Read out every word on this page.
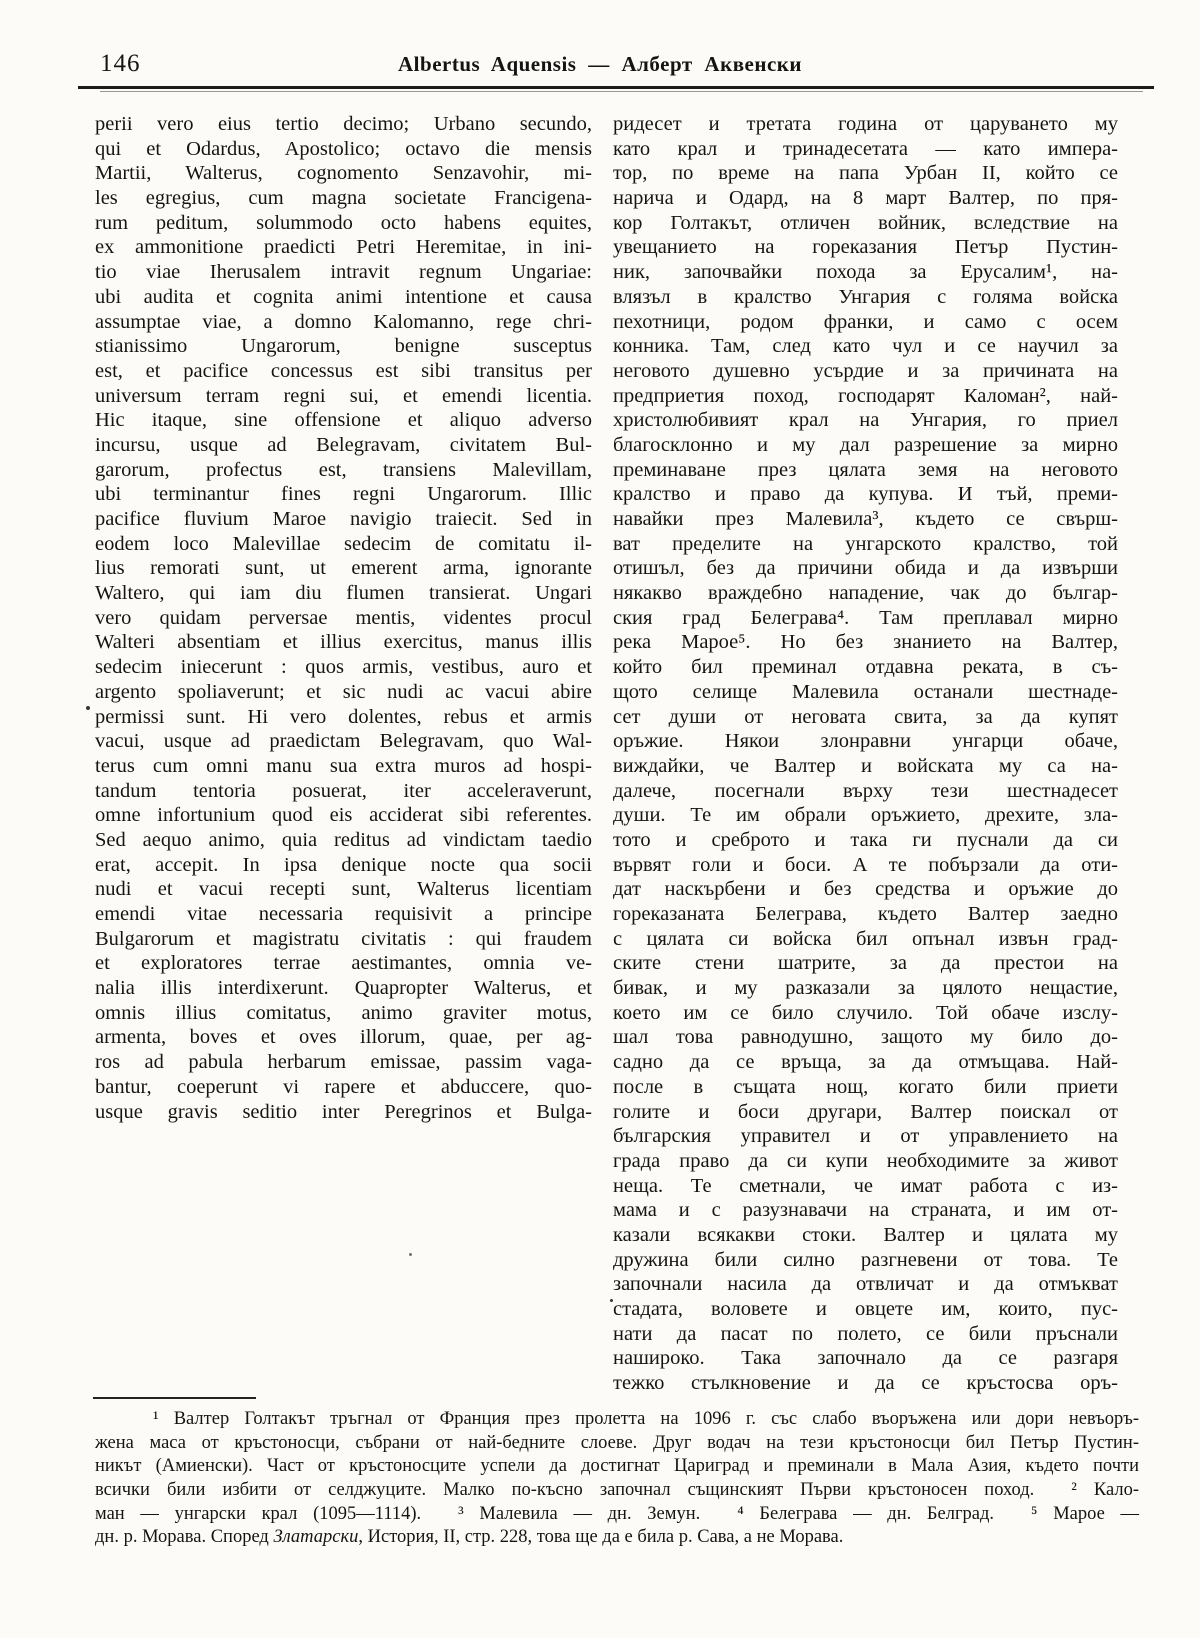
146	Albertus Aquensis — Алберт Аквенски
perii vero eius tertio decimo; Urbano secundo,
qui et Odardus, Apostolico; octavo die mensis
Martii, Walterus, cognomento Senzavohir, mi-
les egregius, cum magna societate Francigena-
rum peditum, solummodo octo habens equites,
ex ammonitione praedicti Petri Heremitae, in ini-
tio viae Iherusalem intravit regnum Ungariae:
ubi audita et cognita animi intentione et causa
assumptae viae, a domno Kalomanno, rege chri-
stianissimo Ungarorum, benigne susceptus
est, et pacifice concessus est sibi transitus per
universum terram regni sui, et emendi licentia.
Hic itaque, sine offensione et aliquo adverso
incursu, usque ad Belegravam, civitatem Bul-
garorum, profectus est, transiens Malevillam,
ubi terminantur fines regni Ungarorum. Illic
pacifice fluvium Maroe navigio traiecit. Sed in
eodem loco Malevillae sedecim de comitatu il-
lius remorati sunt, ut emerent arma, ignorante
Waltero, qui iam diu flumen transierat. Ungari
vero quidam perversae mentis, videntes procul
Walteri absentiam et illius exercitus, manus illis
sedecim iniecerunt : quos armis, vestibus, auro et
argento spoliaverunt; et sic nudi ac vacui abire
permissi sunt. Hi vero dolentes, rebus et armis
vacui, usque ad praedictam Belegravam, quo Wal-
terus cum omni manu sua extra muros ad hospi-
tandum tentoria posuerat, iter acceleraverunt,
omne infortunium quod eis acciderat sibi referentes.
Sed aequo animo, quia reditus ad vindictam taedio
erat, accepit. In ipsa denique nocte qua socii
nudi et vacui recepti sunt, Walterus licentiam
emendi vitae necessaria requisivit a principe
Bulgarorum et magistratu civitatis : qui fraudem
et exploratores terrae aestimantes, omnia ve-
nalia illis interdixerunt. Quapropter Walterus, et
omnis illius comitatus, animo graviter motus,
armenta, boves et oves illorum, quae, per ag-
ros ad pabula herbarum emissae, passim vaga-
bantur, coeperunt vi rapere et abduccere, quo-
usque gravis seditio inter Peregrinos et Bulga-
ридесет и третата година от царуването му
като крал и тринадесетата — като импера-
тор, по време на папа Урбан II, който се
нарича и Одард, на 8 март Валтер, по пря-
кор Голтакът, отличен войник, вследствие на
увещанието на гореказания Петър Пустин-
ник, започвайки похода за Ерусалим¹, на-
влязъл в кралство Унгария с голяма войска
пехотници, родом франки, и само с осем
конника. Там, след като чул и се научил за
неговото душевно усърдие и за причината на
предприетия поход, господарят Каломан², най-
христолюбивият крал на Унгария, го приел
благосклонно и му дал разрешение за мирно
преминаване през цялата земя на неговото
кралство и право да купува. И тъй, преми-
навайки през Малевила³, където се свърш-
ват пределите на унгарското кралство, той
отишъл, без да причини обида и да извърши
някакво враждебно нападение, чак до българ-
ския град Белеграва⁴. Там преплавал мирно
река Марое⁵. Но без знанието на Валтер,
който бил преминал отдавна реката, в съ-
щото селище Малевила останали шестнаде-
сет души от неговата свита, за да купят
оръжие. Някои злонравни унгарци обаче,
виждайки, че Валтер и войската му са на-
далече, посегнали върху тези шестнадесет
души. Те им обрали оръжието, дрехите, зла-
тото и среброто и така ги пуснали да си
вървят голи и боси. А те побързали да оти-
дат наскърбени и без средства и оръжие до
гореказаната Белеграва, където Валтер заедно
с цялата си войска бил опънал извън град-
ските стени шатрите, за да престои на
бивак, и му разказали за цялото нещастие,
което им се било случило. Той обаче изслу-
шал това равнодушно, защото му било до-
садно да се връща, за да отмъщава. Най-
после в същата нощ, когато били приети
голите и боси другари, Валтер поискал от
българския управител и от управлението на
града право да си купи необходимите за живот
неща. Те сметнали, че имат работа с из-
мама и с разузнавачи на страната, и им от-
казали всякакви стоки. Валтер и цялата му
дружина били силно разгневени от това. Те
започнали насила да отвличат и да отмъкват
стадата, воловете и овцете им, които, пус-
нати да пасат по полето, се били пръснали
нашироко. Така започнало да се разгаря
тежко стълкновение и да се кръстосва оръ-
¹ Валтер Голтакът тръгнал от Франция през пролетта на 1096 г. със слабо въоръжена или дори невъоръ-
жена маса от кръстоносци, събрани от най-бедните слоеве. Друг водач на тези кръстоносци бил Петър Пустин-
никът (Амиенски). Част от кръстоносците успели да достигнат Цариград и преминали в Мала Азия, където почти
всички били избити от селджуците. Малко по-късно започнал същинският Първи кръстоносен поход.  ² Кало-
ман — унгарски крал (1095—1114).  ³ Малевила — дн. Земун.  ⁴ Белеграва — дн. Белград.  ⁵ Марое —
дн. р. Морава. Според Златарски, История, II, стр. 228, това ще да е била р. Сава, а не Морава.
